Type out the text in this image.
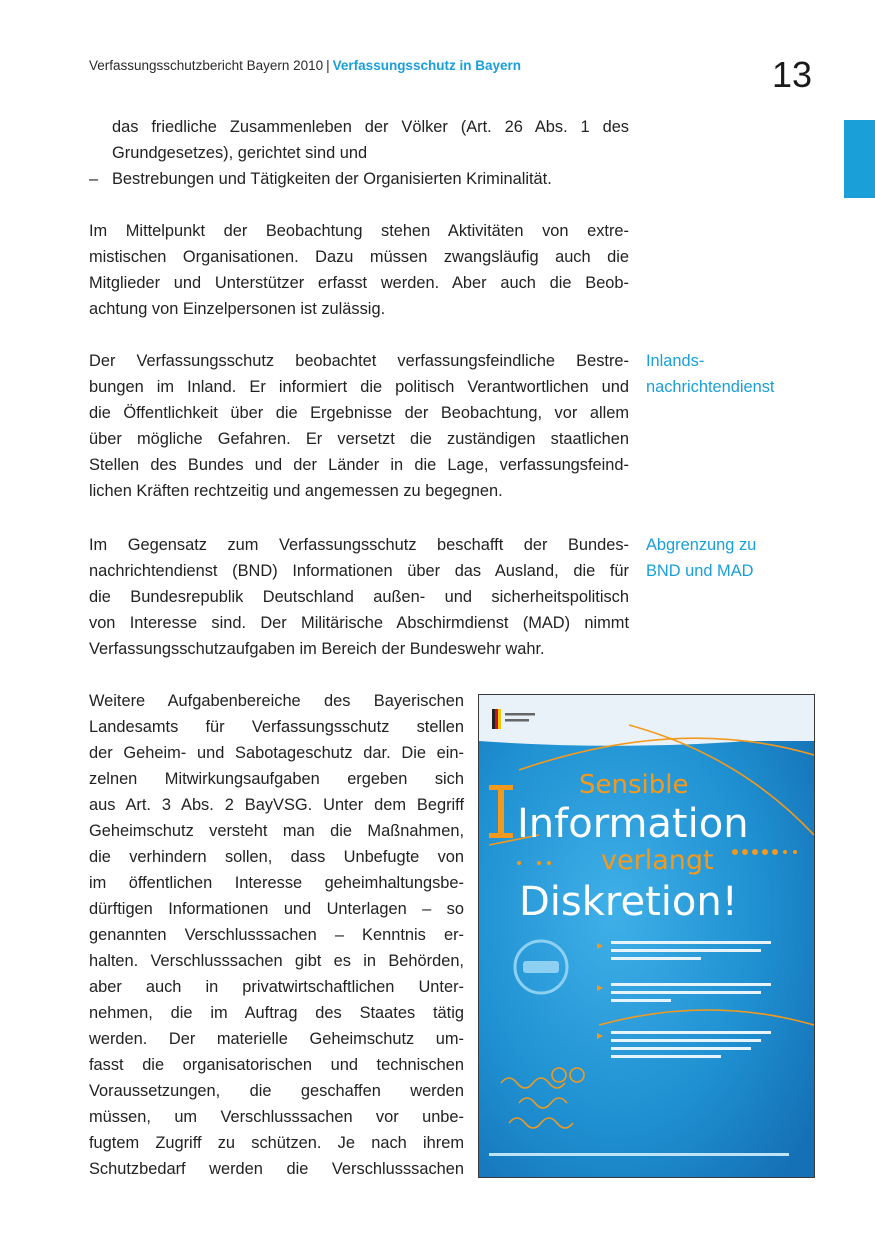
Verfassungsschutzbericht Bayern 2010 | Verfassungsschutz in Bayern	13
das friedliche Zusammenleben der Völker (Art. 26 Abs. 1 des
Grundgesetzes), gerichtet sind und
– Bestrebungen und Tätigkeiten der Organisierten Kriminalität.
Im Mittelpunkt der Beobachtung stehen Aktivitäten von extre-
mistischen Organisationen. Dazu müssen zwangsläufig auch die
Mitglieder und Unterstützer erfasst werden. Aber auch die Beob-
achtung von Einzelpersonen ist zulässig.
Der Verfassungsschutz beobachtet verfassungsfeindliche Bestre-
bungen im Inland. Er informiert die politisch Verantwortlichen und
die Öffentlichkeit über die Ergebnisse der Beobachtung, vor allem
über mögliche Gefahren. Er versetzt die zuständigen staatlichen
Stellen des Bundes und der Länder in die Lage, verfassungsfeind-
lichen Kräften rechtzeitig und angemessen zu begegnen.
Inlands-
nachrichtendienst
Im Gegensatz zum Verfassungsschutz beschafft der Bundes-
nachrichtendienst (BND) Informationen über das Ausland, die für
die Bundesrepublik Deutschland außen- und sicherheitspolitisch
von Interesse sind. Der Militärische Abschirmdienst (MAD) nimmt
Verfassungsschutzaufgaben im Bereich der Bundeswehr wahr.
Abgrenzung zu
BND und MAD
Weitere Aufgabenbereiche des Bayerischen
Landesamts für Verfassungsschutz stellen
der Geheim- und Sabotageschutz dar. Die ein-
zelnen Mitwirkungsaufgaben ergeben sich
aus Art. 3 Abs. 2 BayVSG. Unter dem Begriff
Geheimschutz versteht man die Maßnahmen,
die verhindern sollen, dass Unbefugte von
im öffentlichen Interesse geheimhaltungsbe-
dürftigen Informationen und Unterlagen – so
genannten Verschlusssachen – Kenntnis er-
halten. Verschlusssachen gibt es in Behörden,
aber auch in privatwirtschaftlichen Unter-
nehmen, die im Auftrag des Staates tätig
werden. Der materielle Geheimschutz um-
fasst die organisatorischen und technischen
Voraussetzungen, die geschaffen werden
müssen, um Verschlusssachen vor unbe-
fugtem Zugriff zu schützen. Je nach ihrem
Schutzbedarf werden die Verschlusssachen
Sensible
Information
verlangt
Diskretion!
